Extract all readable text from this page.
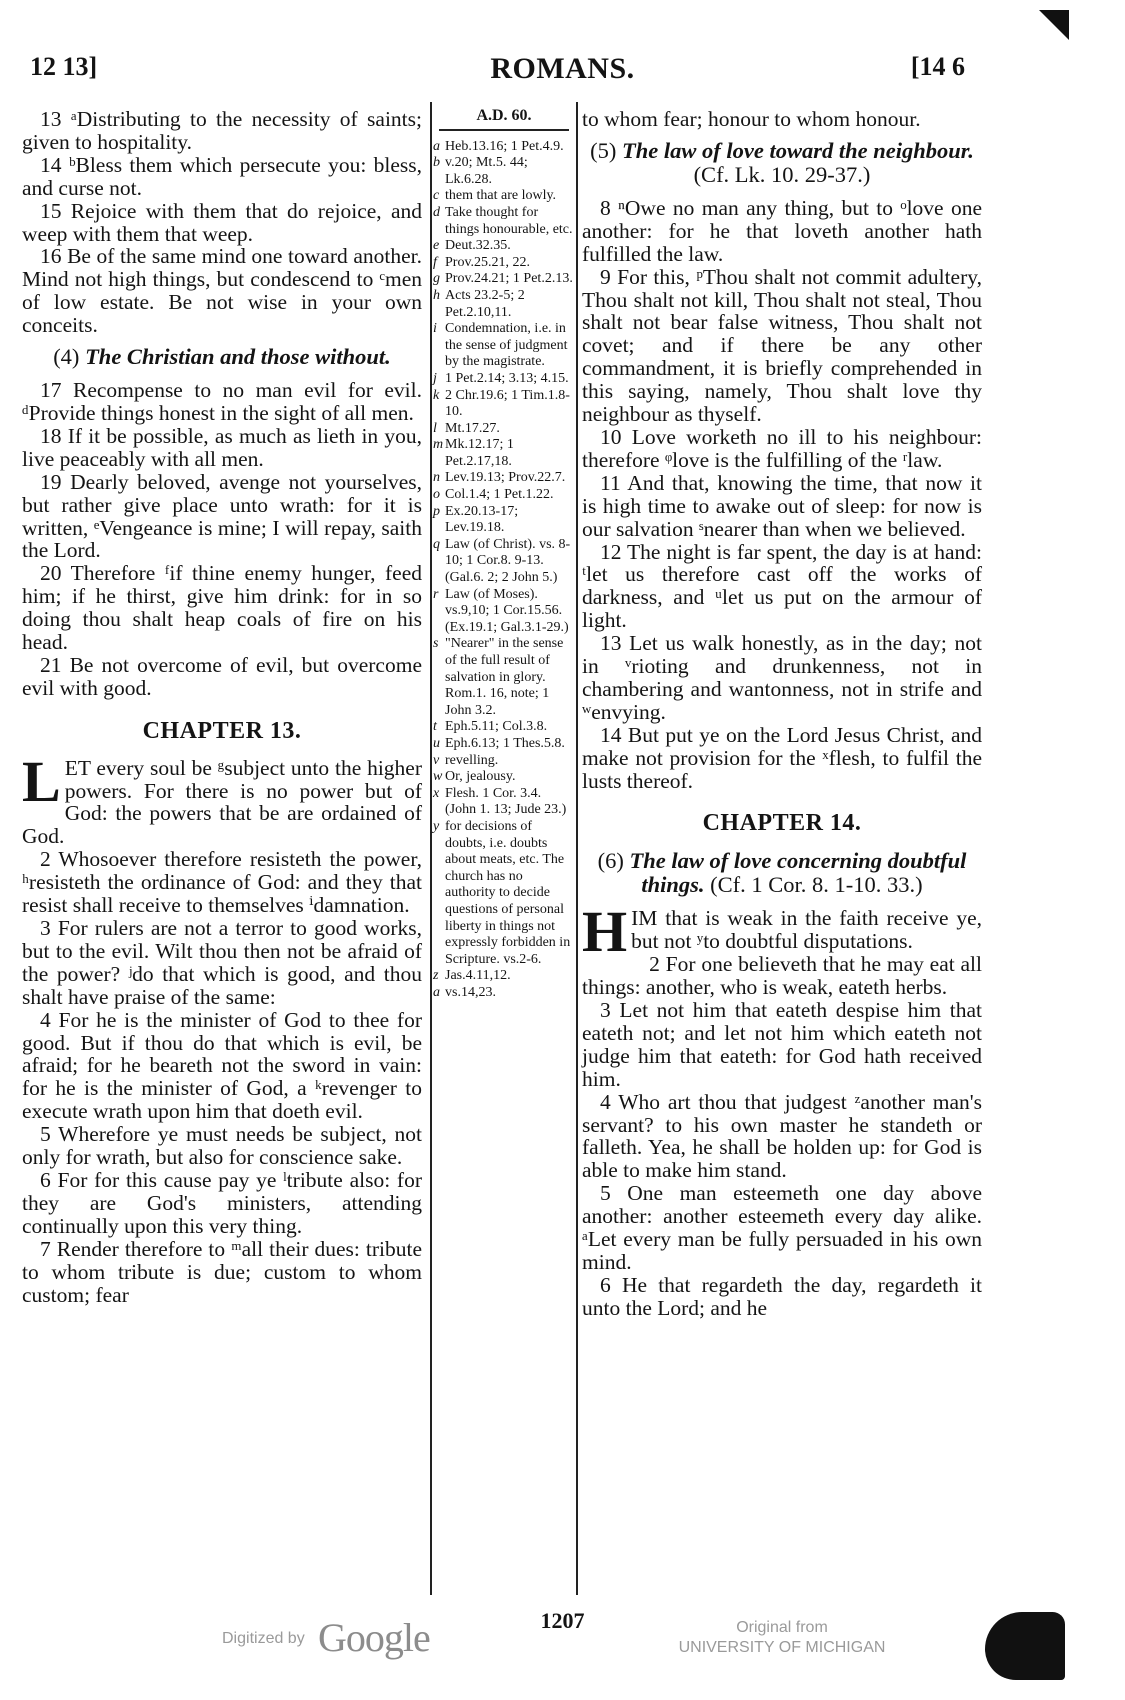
12 13]	ROMANS.	[14 6

13 ᵃDistributing to the necessity of saints; given to hospitality.

14 ᵇBless them which persecute you: bless, and curse not.

15 Rejoice with them that do rejoice, and weep with them that weep.

16 Be of the same mind one toward another. Mind not high things, but condescend to ᶜmen of low estate. Be not wise in your own conceits.

(4) The Christian and those without.

17 Recompense to no man evil for evil. ᵈProvide things honest in the sight of all men.

18 If it be possible, as much as lieth in you, live peaceably with all men.

19 Dearly beloved, avenge not yourselves, but rather give place unto wrath: for it is written, ᵉVengeance is mine; I will repay, saith the Lord.

20 Therefore ᶠif thine enemy hunger, feed him; if he thirst, give him drink: for in so doing thou shalt heap coals of fire on his head.

21 Be not overcome of evil, but overcome evil with good.

CHAPTER 13.

LET every soul be ᵍsubject unto the higher powers. For there is no power but of God: the powers that be are ordained of God.

2 Whosoever therefore resisteth the power, ʰresisteth the ordinance of God: and they that resist shall receive to themselves ⁱdamnation.

3 For rulers are not a terror to good works, but to the evil. Wilt thou then not be afraid of the power? ʲdo that which is good, and thou shalt have praise of the same:

4 For he is the minister of God to thee for good. But if thou do that which is evil, be afraid; for he beareth not the sword in vain: for he is the minister of God, a ᵏrevenger to execute wrath upon him that doeth evil.

5 Wherefore ye must needs be subject, not only for wrath, but also for conscience sake.

6 For for this cause pay ye ˡtribute also: for they are God's ministers, attending continually upon this very thing.

7 Render therefore to ᵐall their dues: tribute to whom tribute is due; custom to whom custom; fear

A.D. 60.
a Heb.13.16; 1 Pet.4.9.
b v.20; Mt.5. 44; Lk.6.28.
c them that are lowly.
d Take thought for things honourable, etc.
e Deut.32.35.
f Prov.25.21, 22.
g Prov.24.21; 1 Pet.2.13.
h Acts 23.2-5; 2 Pet.2.10,11.
i Condemnation, i.e. in the sense of judgment by the magistrate.
j 1 Pet.2.14; 3.13; 4.15.
k 2 Chr.19.6; 1 Tim.1.8-10.
l Mt.17.27.
m Mk.12.17; 1 Pet.2.17,18.
n Lev.19.13; Prov.22.7.
o Col.1.4; 1 Pet.1.22.
p Ex.20.13-17; Lev.19.18.
q Law (of Christ). vs. 8-10; 1 Cor.8. 9-13. (Gal.6. 2; 2 John 5.)
r Law (of Moses). vs.9,10; 1 Cor.15.56. (Ex.19.1; Gal.3.1-29.)
s "Nearer" in the sense of the full result of salvation in glory. Rom.1. 16, note; 1 John 3.2.
t Eph.5.11; Col.3.8.
u Eph.6.13; 1 Thes.5.8.
v revelling.
w Or, jealousy.
x Flesh. 1 Cor. 3.4. (John 1. 13; Jude 23.)
y for decisions of doubts, i.e. doubts about meats, etc. The church has no authority to decide questions of personal liberty in things not expressly forbidden in Scripture. vs.2-6.
z Jas.4.11,12.
a vs.14,23.

to whom fear; honour to whom honour.

(5) The law of love toward the neighbour. (Cf. Lk. 10. 29-37.)

8 ⁿOwe no man any thing, but to ᵒlove one another: for he that loveth another hath fulfilled the law.

9 For this, ᵖThou shalt not commit adultery, Thou shalt not kill, Thou shalt not steal, Thou shalt not bear false witness, Thou shalt not covet; and if there be any other commandment, it is briefly comprehended in this saying, namely, Thou shalt love thy neighbour as thyself.

10 Love worketh no ill to his neighbour: therefore ᵠlove is the fulfilling of the ʳlaw.

11 And that, knowing the time, that now it is high time to awake out of sleep: for now is our salvation ˢnearer than when we believed.

12 The night is far spent, the day is at hand: ᵗlet us therefore cast off the works of darkness, and ᵘlet us put on the armour of light.

13 Let us walk honestly, as in the day; not in ᵛrioting and drunkenness, not in chambering and wantonness, not in strife and ʷenvying.

14 But put ye on the Lord Jesus Christ, and make not provision for the ˣflesh, to fulfil the lusts thereof.

CHAPTER 14.
(6) The law of love concerning doubtful things. (Cf. 1 Cor. 8. 1-10. 33.)

HIM that is weak in the faith receive ye, but not ʸto doubtful disputations.

2 For one believeth that he may eat all things: another, who is weak, eateth herbs.

3 Let not him that eateth despise him that eateth not; and let not him which eateth not judge him that eateth: for God hath received him.

4 Who art thou that judgest ᶻanother man's servant? to his own master he standeth or falleth. Yea, he shall be holden up: for God is able to make him stand.

5 One man esteemeth one day above another: another esteemeth every day alike. ᵃLet every man be fully persuaded in his own mind.

6 He that regardeth the day, regardeth it unto the Lord; and he

1207
Digitized by Google	Original from
UNIVERSITY OF MICHIGAN
